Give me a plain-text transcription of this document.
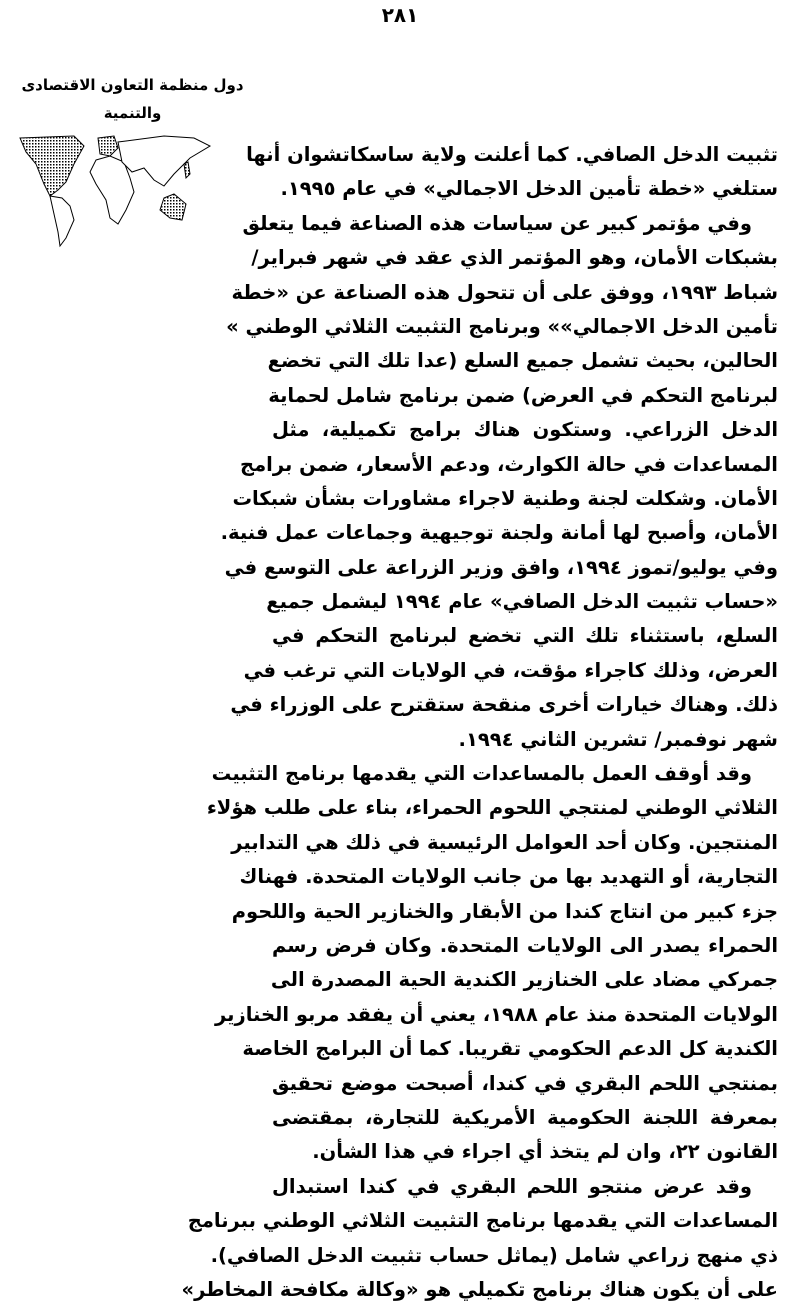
٢٨١
دول منظمة التعاون الاقتصادى
والتنمية
تثبيت الدخل الصافي. كما أعلنت ولاية ساسكاتشوان أنها
ستلغي «خطة تأمين الدخل الاجمالي» في عام ١٩٩٥.
وفي مؤتمر كبير عن سياسات هذه الصناعة فيما يتعلق
بشبكات الأمان، وهو المؤتمر الذي عقد في شهر فبراير/
شباط ١٩٩٣، ووفق على أن تتحول هذه الصناعة عن «خطة
تأمين الدخل الاجمالي»» وبرنامج التثبيت الثلاثي الوطني »
الحالين، بحيث تشمل جميع السلع (عدا تلك التي تخضع
لبرنامج التحكم في العرض) ضمن برنامج شامل لحماية
الدخل الزراعي. وستكون هناك برامج تكميلية، مثل
المساعدات في حالة الكوارث، ودعم الأسعار، ضمن برامج
الأمان. وشكلت لجنة وطنية لاجراء مشاورات بشأن شبكات
الأمان، وأصبح لها أمانة ولجنة توجيهية وجماعات عمل فنية.
وفي يوليو/تموز ١٩٩٤، وافق وزير الزراعة على التوسع في
«حساب تثبيت الدخل الصافي» عام ١٩٩٤ ليشمل جميع
السلع، باستثناء تلك التي تخضع لبرنامج التحكم في
العرض، وذلك كاجراء مؤقت، في الولايات التي ترغب في
ذلك. وهناك خيارات أخرى منقحة ستقترح على الوزراء في
شهر نوفمبر/ تشرين الثاني ١٩٩٤.
وقد أوقف العمل بالمساعدات التي يقدمها برنامج التثبيت
الثلاثي الوطني لمنتجي اللحوم الحمراء، بناء على طلب هؤلاء
المنتجين. وكان أحد العوامل الرئيسية في ذلك هي التدابير
التجارية، أو التهديد بها من جانب الولايات المتحدة. فهناك
جزء كبير من انتاج كندا من الأبقار والخنازير الحية واللحوم
الحمراء يصدر الى الولايات المتحدة. وكان فرض رسم
جمركي مضاد على الخنازير الكندية الحية المصدرة الى
الولايات المتحدة منذ عام ١٩٨٨، يعني أن يفقد مربو الخنازير
الكندية كل الدعم الحكومي تقريبا. كما أن البرامج الخاصة
بمنتجي اللحم البقري في كندا، أصبحت موضع تحقيق
بمعرفة اللجنة الحكومية الأمريكية للتجارة، بمقتضى
القانون ٢٢، وان لم يتخذ أي اجراء في هذا الشأن.
وقد عرض منتجو اللحم البقري في كندا استبدال
المساعدات التي يقدمها برنامج التثبيت الثلاثي الوطني ببرنامج
ذي منهج زراعي شامل (يماثل حساب تثبيت الدخل الصافي).
على أن يكون هناك برنامج تكميلي هو «وكالة مكافحة المخاطر»
